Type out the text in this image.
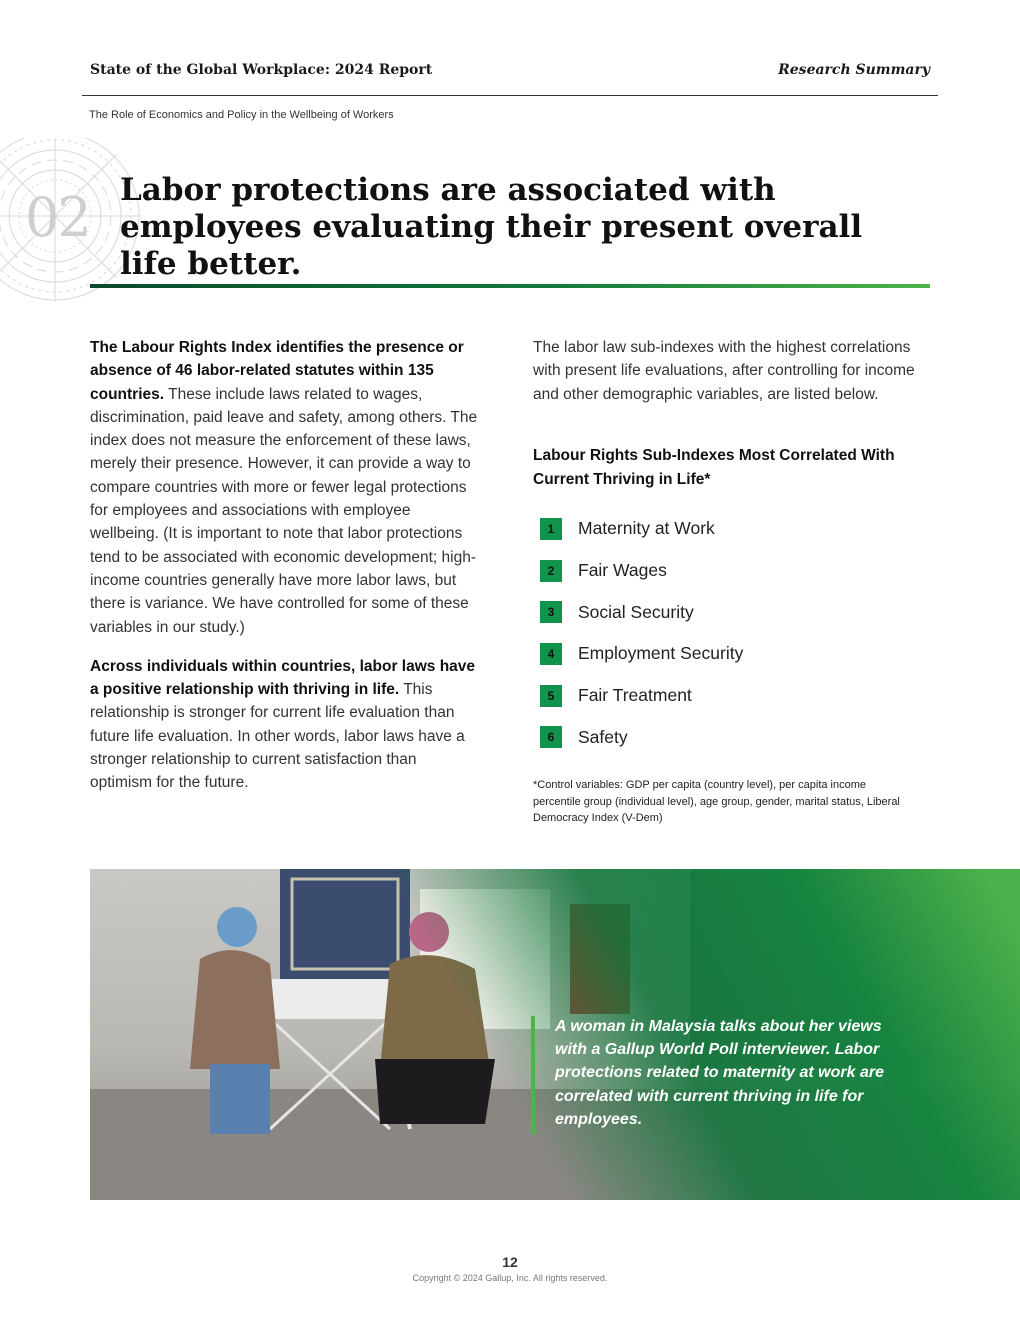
State of the Global Workplace: 2024 Report	Research Summary
The Role of Economics and Policy in the Wellbeing of Workers
02 Labor protections are associated with employees evaluating their present overall life better.

The Labour Rights Index identifies the presence or absence of 46 labor-related statutes within 135 countries. These include laws related to wages, discrimination, paid leave and safety, among others. The index does not measure the enforcement of these laws, merely their presence. However, it can provide a way to compare countries with more or fewer legal protections for employees and associations with employee wellbeing. (It is important to note that labor protections tend to be associated with economic development; high-income countries generally have more labor laws, but there is variance. We have controlled for some of these variables in our study.)

Across individuals within countries, labor laws have a positive relationship with thriving in life. This relationship is stronger for current life evaluation than future life evaluation. In other words, labor laws have a stronger relationship to current satisfaction than optimism for the future.

The labor law sub-indexes with the highest correlations with present life evaluations, after controlling for income and other demographic variables, are listed below.

Labour Rights Sub-Indexes Most Correlated With Current Thriving in Life*
1	Maternity at Work
2	Fair Wages
3	Social Security
4	Employment Security
5	Fair Treatment
6	Safety
*Control variables: GDP per capita (country level), per capita income percentile group (individual level), age group, gender, marital status, Liberal Democracy Index (V-Dem)
A woman in Malaysia talks about her views with a Gallup World Poll interviewer. Labor protections related to maternity at work are correlated with current thriving in life for employees.
12
Copyright © 2024 Gallup, Inc. All rights reserved.
